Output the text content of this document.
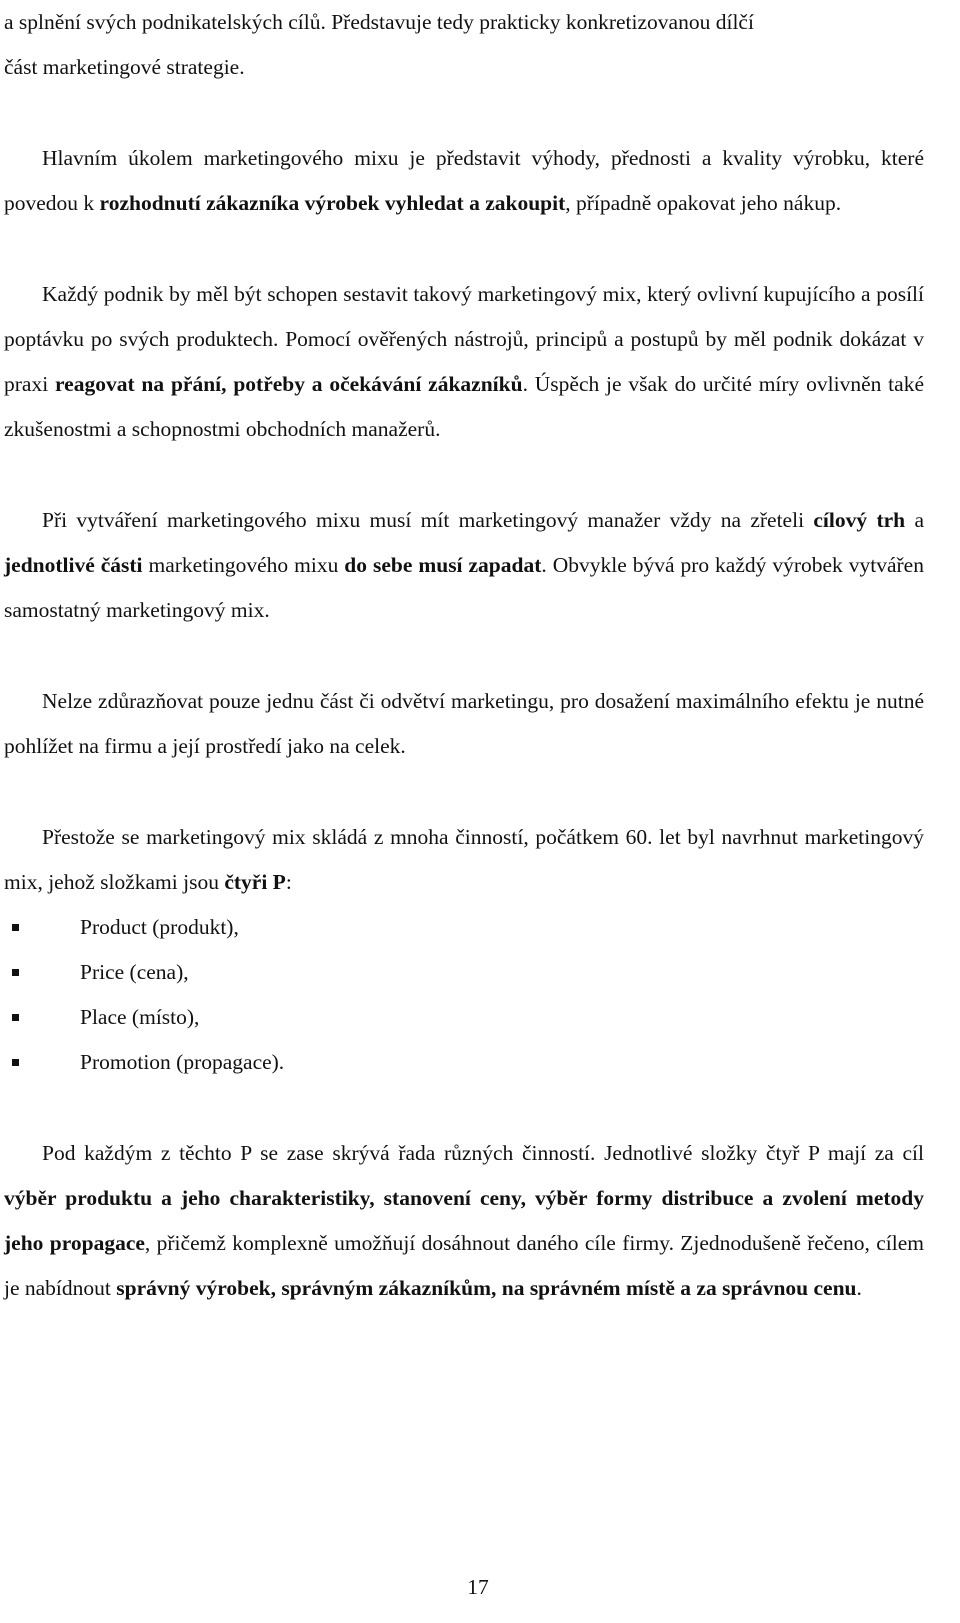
a splnění svých podnikatelských cílů. Představuje tedy prakticky konkretizovanou dílčí
část marketingové strategie.

Hlavním úkolem marketingového mixu je představit výhody, přednosti a kvality výrobku, které povedou k rozhodnutí zákazníka výrobek vyhledat a zakoupit, případně opakovat jeho nákup.

Každý podnik by měl být schopen sestavit takový marketingový mix, který ovlivní kupujícího a posílí poptávku po svých produktech. Pomocí ověřených nástrojů, principů a postupů by měl podnik dokázat v praxi reagovat na přání, potřeby a očekávání zákazníků. Úspěch je však do určité míry ovlivněn také zkušenostmi a schopnostmi obchodních manažerů.

Při vytváření marketingového mixu musí mít marketingový manažer vždy na zřeteli cílový trh a jednotlivé části marketingového mixu do sebe musí zapadat. Obvykle bývá pro každý výrobek vytvářen samostatný marketingový mix.

Nelze zdůrazňovat pouze jednu část či odvětví marketingu, pro dosažení maximálního efektu je nutné pohlížet na firmu a její prostředí jako na celek.

Přestože se marketingový mix skládá z mnoha činností, počátkem 60. let byl navrhnut marketingový mix, jehož složkami jsou čtyři P:

Product (produkt),
Price (cena),
Place (místo),
Promotion (propagace).

Pod každým z těchto P se zase skrývá řada různých činností. Jednotlivé složky čtyř P mají za cíl výběr produktu a jeho charakteristiky, stanovení ceny, výběr formy distribuce a zvolení metody jeho propagace, přičemž komplexně umožňují dosáhnout daného cíle firmy. Zjednodušeně řečeno, cílem je nabídnout správný výrobek, správným zákazníkům, na správném místě a za správnou cenu.

17
